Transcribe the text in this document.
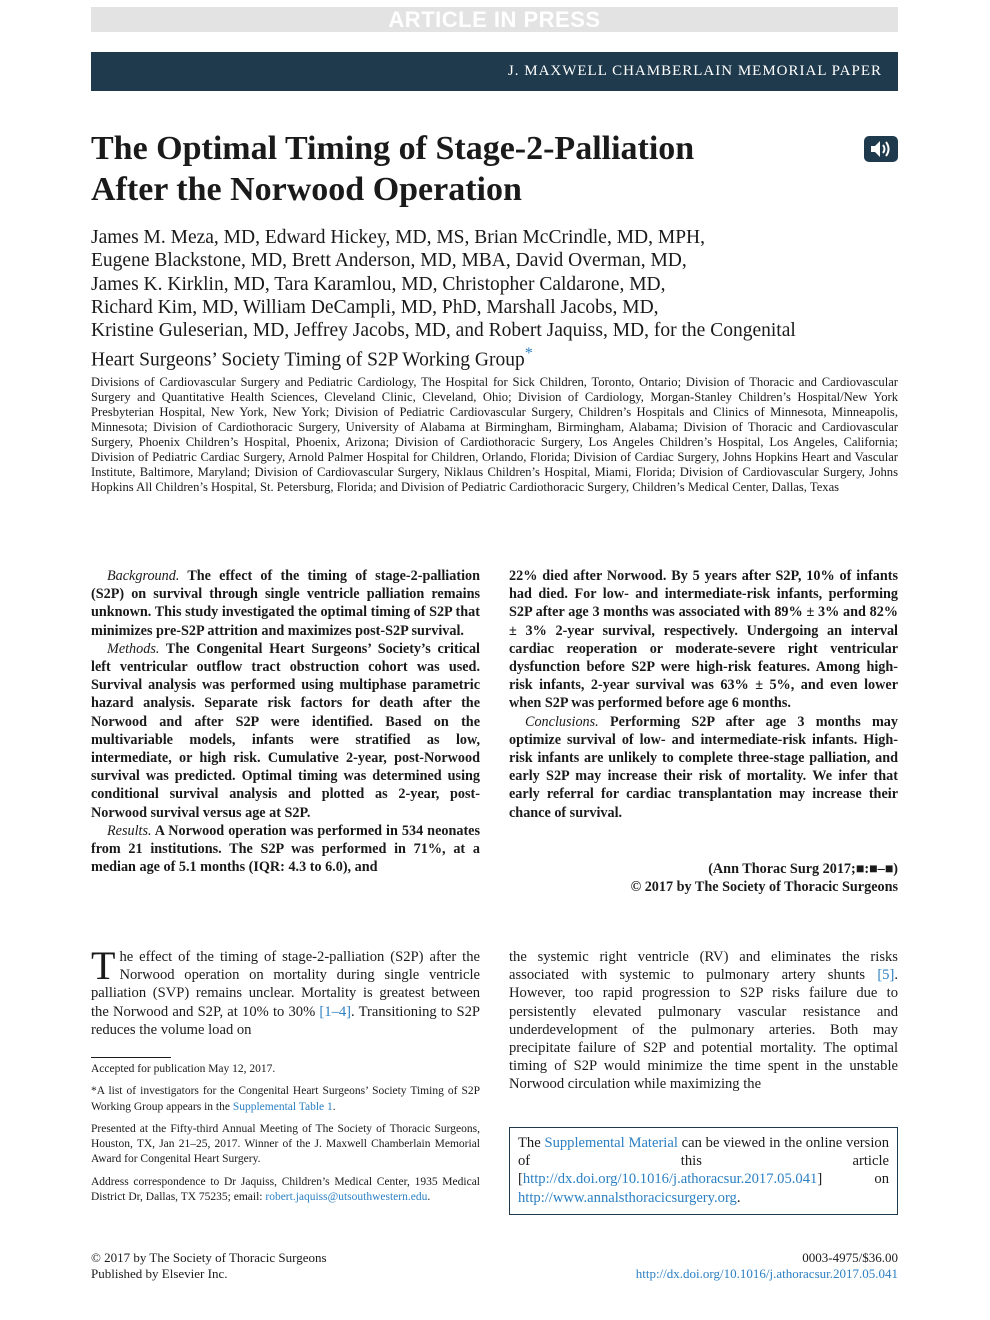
ARTICLE IN PRESS
J. MAXWELL CHAMBERLAIN MEMORIAL PAPER
The Optimal Timing of Stage-2-Palliation
After the Norwood Operation
James M. Meza, MD, Edward Hickey, MD, MS, Brian McCrindle, MD, MPH,
Eugene Blackstone, MD, Brett Anderson, MD, MBA, David Overman, MD,
James K. Kirklin, MD, Tara Karamlou, MD, Christopher Caldarone, MD,
Richard Kim, MD, William DeCampli, MD, PhD, Marshall Jacobs, MD,
Kristine Guleserian, MD, Jeffrey Jacobs, MD, and Robert Jaquiss, MD, for the Congenital
Heart Surgeons’ Society Timing of S2P Working Group*
Divisions of Cardiovascular Surgery and Pediatric Cardiology, The Hospital for Sick Children, Toronto, Ontario; Division of Thoracic and Cardiovascular Surgery and Quantitative Health Sciences, Cleveland Clinic, Cleveland, Ohio; Division of Cardiology, Morgan-Stanley Children’s Hospital/New York Presbyterian Hospital, New York, New York; Division of Pediatric Cardiovascular Surgery, Children’s Hospitals and Clinics of Minnesota, Minneapolis, Minnesota; Division of Cardiothoracic Surgery, University of Alabama at Birmingham, Birmingham, Alabama; Division of Thoracic and Cardiovascular Surgery, Phoenix Children’s Hospital, Phoenix, Arizona; Division of Cardiothoracic Surgery, Los Angeles Children’s Hospital, Los Angeles, California; Division of Pediatric Cardiac Surgery, Arnold Palmer Hospital for Children, Orlando, Florida; Division of Cardiac Surgery, Johns Hopkins Heart and Vascular Institute, Baltimore, Maryland; Division of Cardiovascular Surgery, Niklaus Children’s Hospital, Miami, Florida; Division of Cardiovascular Surgery, Johns Hopkins All Children’s Hospital, St. Petersburg, Florida; and Division of Pediatric Cardiothoracic Surgery, Children’s Medical Center, Dallas, Texas

Background. The effect of the timing of stage-2-palliation (S2P) on survival through single ventricle palliation remains unknown. This study investigated the optimal timing of S2P that minimizes pre-S2P attrition and maximizes post-S2P survival.

Methods. The Congenital Heart Surgeons’ Society’s critical left ventricular outflow tract obstruction cohort was used. Survival analysis was performed using multiphase parametric hazard analysis. Separate risk factors for death after the Norwood and after S2P were identified. Based on the multivariable models, infants were stratified as low, intermediate, or high risk. Cumulative 2-year, post-Norwood survival was predicted. Optimal timing was determined using conditional survival analysis and plotted as 2-year, post-Norwood survival versus age at S2P.

Results. A Norwood operation was performed in 534 neonates from 21 institutions. The S2P was performed in 71%, at a median age of 5.1 months (IQR: 4.3 to 6.0), and

22% died after Norwood. By 5 years after S2P, 10% of infants had died. For low- and intermediate-risk infants, performing S2P after age 3 months was associated with 89% ± 3% and 82% ± 3% 2-year survival, respectively. Undergoing an interval cardiac reoperation or moderate-severe right ventricular dysfunction before S2P were high-risk features. Among high-risk infants, 2-year survival was 63% ± 5%, and even lower when S2P was performed before age 6 months.

Conclusions. Performing S2P after age 3 months may optimize survival of low- and intermediate-risk infants. High-risk infants are unlikely to complete three-stage palliation, and early S2P may increase their risk of mortality. We infer that early referral for cardiac transplantation may increase their chance of survival.

(Ann Thorac Surg 2017;■:■–■)
© 2017 by The Society of Thoracic Surgeons

The effect of the timing of stage-2-palliation (S2P) after the Norwood operation on mortality during single ventricle palliation (SVP) remains unclear. Mortality is greatest between the Norwood and S2P, at 10% to 30% [1–4]. Transitioning to S2P reduces the volume load on

the systemic right ventricle (RV) and eliminates the risks associated with systemic to pulmonary artery shunts [5]. However, too rapid progression to S2P risks failure due to persistently elevated pulmonary vascular resistance and underdevelopment of the pulmonary arteries. Both may precipitate failure of S2P and potential mortality. The optimal timing of S2P would minimize the time spent in the unstable Norwood circulation while maximizing the

Accepted for publication May 12, 2017.

*A list of investigators for the Congenital Heart Surgeons’ Society Timing of S2P Working Group appears in the Supplemental Table 1.

Presented at the Fifty-third Annual Meeting of The Society of Thoracic Surgeons, Houston, TX, Jan 21–25, 2017. Winner of the J. Maxwell Chamberlain Memorial Award for Congenital Heart Surgery.

Address correspondence to Dr Jaquiss, Children’s Medical Center, 1935 Medical District Dr, Dallas, TX 75235; email: robert.jaquiss@utsouthwestern.edu.

The Supplemental Material can be viewed in the online version of this article [http://dx.doi.org/10.1016/j.athoracsur.2017.05.041] on http://www.annalsthoracicsurgery.org.
© 2017 by The Society of Thoracic Surgeons
Published by Elsevier Inc.
0003-4975/$36.00
http://dx.doi.org/10.1016/j.athoracsur.2017.05.041
